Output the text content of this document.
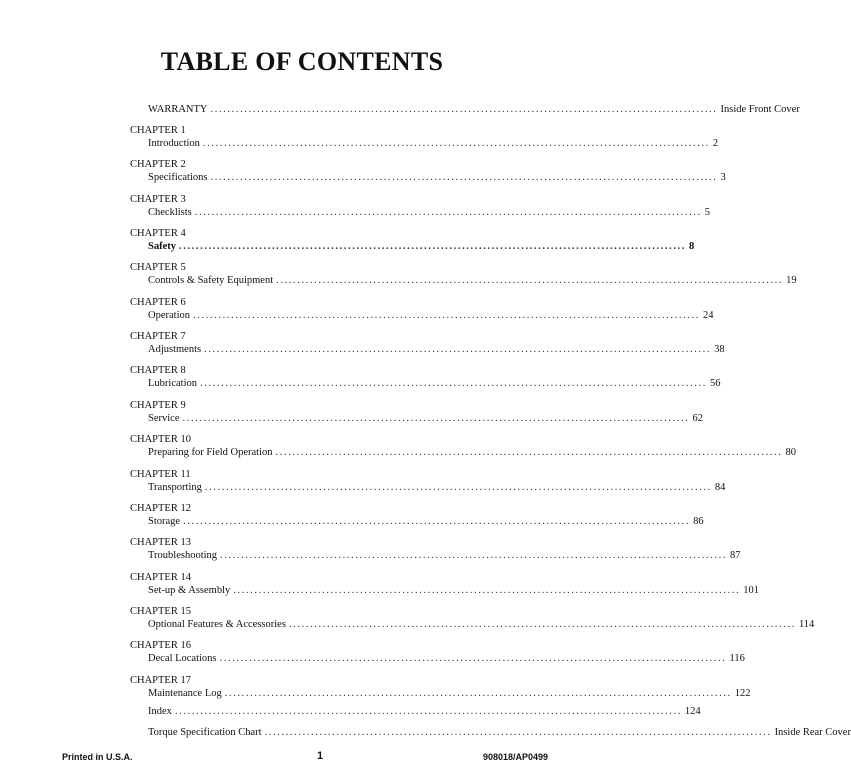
TABLE OF CONTENTS
WARRANTY ........................................................................................................................ Inside Front Cover
CHAPTER 1
Introduction ........................................................................................................................ 2
CHAPTER 2
Specifications ........................................................................................................................ 3
CHAPTER 3
Checklists ........................................................................................................................ 5
CHAPTER 4
Safety ........................................................................................................................ 8
CHAPTER 5
Controls & Safety Equipment ........................................................................................................................ 19
CHAPTER 6
Operation ........................................................................................................................ 24
CHAPTER 7
Adjustments ........................................................................................................................ 38
CHAPTER 8
Lubrication ........................................................................................................................ 56
CHAPTER 9
Service ........................................................................................................................ 62
CHAPTER 10
Preparing for Field Operation ........................................................................................................................ 80
CHAPTER 11
Transporting ........................................................................................................................ 84
CHAPTER 12
Storage ........................................................................................................................ 86
CHAPTER 13
Troubleshooting ........................................................................................................................ 87
CHAPTER 14
Set-up & Assembly ........................................................................................................................ 101
CHAPTER 15
Optional Features & Accessories ........................................................................................................................ 114
CHAPTER 16
Decal Locations ........................................................................................................................ 116
CHAPTER 17
Maintenance Log ........................................................................................................................ 122
Index ........................................................................................................................ 124
Torque Specification Chart ........................................................................................................................ Inside Rear Cover
Printed in U.S.A.	1	908018/AP0499
